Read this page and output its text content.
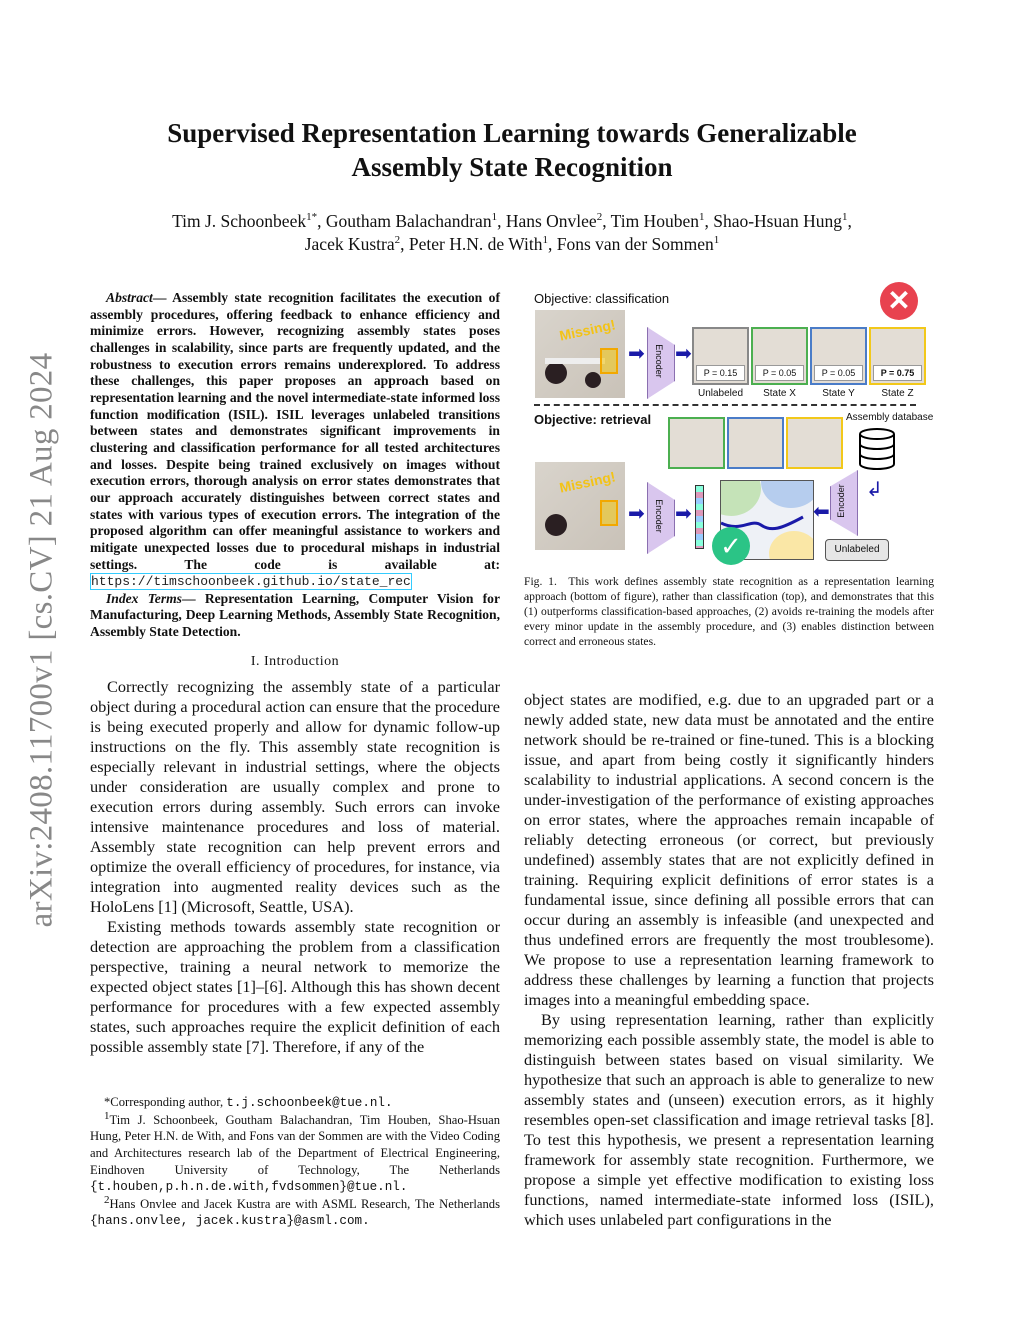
arXiv:2408.11700v1 [cs.CV] 21 Aug 2024
Supervised Representation Learning towards Generalizable
Assembly State Recognition
Tim J. Schoonbeek$^{1*}$, Goutham Balachandran$^1$, Hans Onvlee$^2$, Tim Houben$^1$, Shao-Hsuan Hung$^1$,
Jacek Kustra$^2$, Peter H.N. de With$^1$, Fons van der Sommen$^1$

Abstract— Assembly state recognition facilitates the execution of assembly procedures, offering feedback to enhance efficiency and minimize errors. However, recognizing assembly states poses challenges in scalability, since parts are frequently updated, and the robustness to execution errors remains underexplored. To address these challenges, this paper proposes an approach based on representation learning and the novel intermediate-state informed loss function modification (ISIL). ISIL leverages unlabeled transitions between states and demonstrates significant improvements in clustering and classification performance for all tested architectures and losses. Despite being trained exclusively on images without execution errors, thorough analysis on error states demonstrates that our approach accurately distinguishes between correct states and states with various types of execution errors. The integration of the proposed algorithm can offer meaningful assistance to workers and mitigate unexpected losses due to procedural mishaps in industrial settings. The code is available at: https://timschoonbeek.github.io/state_rec

Index Terms— Representation Learning, Computer Vision for Manufacturing, Deep Learning Methods, Assembly State Recognition, Assembly State Detection.

I. Introduction

Correctly recognizing the assembly state of a particular object during a procedural action can ensure that the procedure is being executed properly and allow for dynamic follow-up instructions on the fly. This assembly state recognition is especially relevant in industrial settings, where the objects under consideration are usually complex and prone to execution errors during assembly. Such errors can invoke intensive maintenance procedures and loss of material. Assembly state recognition can help prevent errors and optimize the overall efficiency of procedures, for instance, via integration into augmented reality devices such as the HoloLens [1] (Microsoft, Seattle, USA).

Existing methods towards assembly state recognition or detection are approaching the problem from a classification perspective, training a neural network to memorize the expected object states [1]–[6]. Although this has shown decent performance for procedures with a few expected assembly states, such approaches require the explicit definition of each possible assembly state [7]. Therefore, if any of the

*Corresponding author, t.j.schoonbeek@tue.nl.

$^1$Tim J. Schoonbeek, Goutham Balachandran, Tim Houben, Shao-Hsuan Hung, Peter H.N. de With, and Fons van der Sommen are with the Video Coding and Architectures research lab of the Department of Electrical Engineering, Eindhoven University of Technology, The Netherlands {t.houben,p.h.n.de.with,fvdsommen}@tue.nl.

$^2$Hans Onvlee and Jacek Kustra are with ASML Research, The Netherlands {hans.onvlee, jacek.kustra}@asml.com.

Objective: classification
Missing!
➡ Encoder ➡
P = 0.15	P = 0.05	P = 0.05	P = 0.75
Unlabeled	State X	State Y	State Z
✕
Objective: retrieval	Assembly database
Missing!
➡ Encoder ➡
✓
⬅ Encoder ↲
Unlabeled
Fig. 1. This work defines assembly state recognition as a representation learning approach (bottom of figure), rather than classification (top), and demonstrates that this (1) outperforms classification-based approaches, (2) avoids re-training the models after every minor update in the assembly procedure, and (3) enables distinction between correct and erroneous states.

object states are modified, e.g. due to an upgraded part or a newly added state, new data must be annotated and the entire network should be re-trained or fine-tuned. This is a blocking issue, and apart from being costly it significantly hinders scalability to industrial applications. A second concern is the under-investigation of the performance of existing approaches on error states, where the approaches remain incapable of reliably detecting erroneous (or correct, but previously undefined) assembly states that are not explicitly defined in training. Requiring explicit definitions of error states is a fundamental issue, since defining all possible errors that can occur during an assembly is infeasible (and unexpected and thus undefined errors are frequently the most troublesome). We propose to use a representation learning framework to address these challenges by learning a function that projects images into a meaningful embedding space.

By using representation learning, rather than explicitly memorizing each possible assembly state, the model is able to distinguish between states based on visual similarity. We hypothesize that such an approach is able to generalize to new assembly states and (unseen) execution errors, as it highly resembles open-set classification and image retrieval tasks [8]. To test this hypothesis, we present a representation learning framework for assembly state recognition. Furthermore, we propose a simple yet effective modification to existing loss functions, named intermediate-state informed loss (ISIL), which uses unlabeled part configurations in the
